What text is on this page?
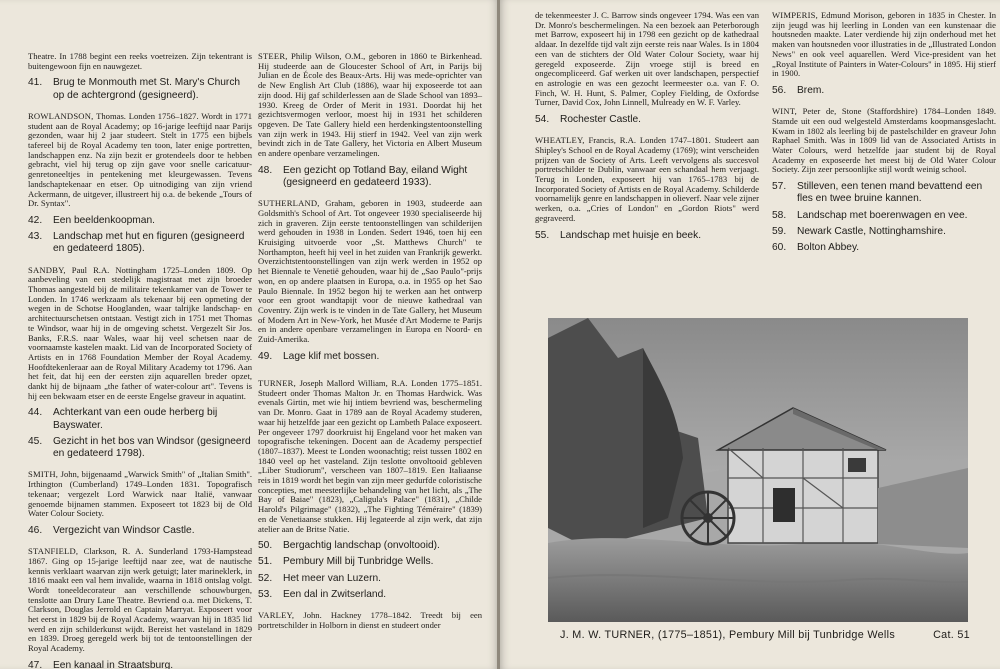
Theatre. In 1788 begint een reeks voetreizen. Zijn tekentrant is buitengewoon fijn en nauwgezet.

41. Brug te Monmouth met St. Mary's Church op de achtergrond (gesigneerd).

ROWLANDSON, Thomas. Londen 1756–1827. Wordt in 1771 student aan de Royal Academy; op 16-jarige leeftijd naar Parijs gezonden, waar hij 2 jaar studeert. Stelt in 1775 een bijbels tafereel bij de Royal Academy ten toon, later enige portretten, landschappen enz. Na zijn bezit er grotendeels door te hebben gebracht, viel hij terug op zijn gave voor snelle caricatuur-genretoneeltjes in pentekening met kleurgewassen. Tevens landschaptekenaar en etser. Op uitnodiging van zijn vriend Ackermann, de uitgever, illustreert hij o.a. de bekende „Tours of Dr. Syntax".

42. Een beeldenkoopman.

43. Landschap met hut en figuren (gesigneerd en gedateerd 1805).

SANDBY, Paul R.A. Nottingham 1725–Londen 1809. Op aanbeveling van een stedelijk magistraat met zijn broeder Thomas aangesteld bij de militaire tekenkamer van de Tower te Londen. In 1746 werkzaam als tekenaar bij een opmeting der wegen in de Schotse Hooglanden, waar talrijke landschap- en architectuurschetsen ontstaan. Vestigt zich in 1751 met Thomas te Windsor, waar hij in de omgeving schetst. Vergezelt Sir Jos. Banks, F.R.S. naar Wales, waar hij veel schetsen naar de voornaamste kastelen maakt. Lid van de Incorporated Society of Artists en in 1768 Foundation Member der Royal Academy. Hoofdtekenleraar aan de Royal Military Academy tot 1796. Aan het feit, dat hij een der eersten zijn aquarellen breder opzet, dankt hij de bijnaam „the father of water-colour art". Tevens is hij een bekwaam etser en de eerste Engelse graveur in aquatint.

44. Achterkant van een oude herberg bij Bayswater.

45. Gezicht in het bos van Windsor (gesigneerd en gedateerd 1798).

SMITH, John, bijgenaamd „Warwick Smith" of „Italian Smith". Irthington (Cumberland) 1749–Londen 1831. Topografisch tekenaar; vergezelt Lord Warwick naar Italië, vanwaar genoemde bijnamen stammen. Exposeert tot 1823 bij de Old Water Colour Society.

46. Vergezicht van Windsor Castle.

STANFIELD, Clarkson, R. A. Sunderland 1793-Hampstead 1867. Ging op 15-jarige leeftijd naar zee, wat de nautische kennis verklaart waarvan zijn werk getuigt; later marineklerk, in 1816 maakt een val hem invalide, waarna in 1818 ontslag volgt. Wordt toneeldecorateur aan verschillende schouwburgen, tenslotte aan Drury Lane Theatre. Bevriend o.a. met Dickens, T. Clarkson, Douglas Jerrold en Captain Marryat. Exposeert voor het eerst in 1829 bij de Royal Academy, waarvan hij in 1835 lid werd en zijn schilderkunst wijdt. Bereist het vasteland in 1829 en 1839. Droeg geregeld werk bij tot de tentoonstellingen der Royal Academy.

47. Een kanaal in Straatsburg.

STEER, Philip Wilson, O.M., geboren in 1860 te Birkenhead. Hij studeerde aan de Gloucester School of Art, in Parijs bij Julian en de École des Beaux-Arts. Hij was mede-oprichter van de New English Art Club (1886), waar hij exposeerde tot aan zijn dood. Hij gaf schilderlessen aan de Slade School van 1893–1930. Kreeg de Order of Merit in 1931. Doordat hij het gezichtsvermogen verloor, moest hij in 1931 het schilderen opgeven. De Tate Gallery hield een herdenkingstentoonstelling van zijn werk in 1943. Hij stierf in 1942. Veel van zijn werk bevindt zich in de Tate Gallery, het Victoria en Albert Museum en andere openbare verzamelingen.

48. Een gezicht op Totland Bay, eiland Wight (gesigneerd en gedateerd 1933).

SUTHERLAND, Graham, geboren in 1903, studeerde aan Goldsmith's School of Art. Tot ongeveer 1930 specialiseerde hij zich in graveren. Zijn eerste tentoonstellingen van schilderijen werd gehouden in 1938 in Londen. Sedert 1946, toen hij een Kruisiging uitvoerde voor „St. Matthews Church" te Northampton, heeft hij veel in het zuiden van Frankrijk gewerkt. Overzichtstentoonstellingen van zijn werk werden in 1952 op het Biennale te Venetië gehouden, waar hij de „Sao Paulo"-prijs won, en op andere plaatsen in Europa, o.a. in 1955 op het Sao Paulo Biennale. In 1952 begon hij te werken aan het ontwerp voor een groot wandtapijt voor de nieuwe kathedraal van Coventry. Zijn werk is te vinden in de Tate Gallery, het Museum of Modern Art in New-York, het Musée d'Art Moderne te Parijs en in andere openbare verzamelingen in Europa en Noord- en Zuid-Amerika.

49. Lage klif met bossen.

TURNER, Joseph Mallord William, R.A. Londen 1775–1851. Studeert onder Thomas Malton Jr. en Thomas Hardwick. Was evenals Girtin, met wie hij intiem bevriend was, beschermeling van Dr. Monro. Gaat in 1789 aan de Royal Academy studeren, waar hij hetzelfde jaar een gezicht op Lambeth Palace exposeert. Per ongeveer 1797 doorkruist hij Engeland voor het maken van topografische tekeningen. Docent aan de Academy perspectief (1807–1837). Meest te Londen woonachtig; reist tussen 1802 en 1840 veel op het vasteland. Zijn teslotte onvoltooid gebleven „Liber Studiorum", verscheen van 1807–1819. Een Italiaanse reis in 1819 wordt het begin van zijn meer gedurfde coloristische concepties, met meesterlijke behandeling van het licht, als „The Bay of Baiae" (1823), „Caligula's Palace" (1831), „Childe Harold's Pilgrimage" (1832), „The Fighting Téméraire" (1839) en de Venetiaanse stukken. Hij legateerde al zijn werk, dat zijn atelier aan de Britse Natie.

50. Bergachtig landschap (onvoltooid).

51. Pembury Mill bij Tunbridge Wells.

52. Het meer van Luzern.

53. Een dal in Zwitserland.

VARLEY, John. Hackney 1778–1842. Treedt bij een portretschilder in Holborn in dienst en studeert onder

de tekenmeester J. C. Barrow sinds ongeveer 1794. Was een van Dr. Monro's beschermelingen. Na een bezoek aan Peterborough met Barrow, exposeert hij in 1798 een gezicht op de kathedraal aldaar. In dezelfde tijd valt zijn eerste reis naar Wales. Is in 1804 een van de stichters der Old Water Colour Society, waar hij geregeld exposeerde. Zijn vroege stijl is breed en ongecompliceerd. Gaf werken uit over landschapen, perspectief en astrologie en was een gezocht leermeester o.a. van F. O. Finch, W. H. Hunt, S. Palmer, Copley Fielding, de Oxfordse Turner, David Cox, John Linnell, Mulready en W. F. Varley.

54. Rochester Castle.

WHEATLEY, Francis, R.A. Londen 1747–1801. Studeert aan Shipley's School en de Royal Academy (1769); wint verscheiden prijzen van de Society of Arts. Leeft vervolgens als succesvol portretschilder te Dublin, vanwaar een schandaal hem verjaagt. Terug in Londen, exposeert hij van 1765–1783 bij de Incorporated Society of Artists en de Royal Academy. Schilderde voornamelijk genre en landschappen in olieverf. Naar vele zijner werken, o.a. „Cries of London" en „Gordon Riots" werd gegraveerd.

55. Landschap met huisje en beek.

WIMPERIS, Edmund Morison, geboren in 1835 in Chester. In zijn jeugd was hij leerling in Londen van een kunstenaar die houtsneden maakte. Later verdiende hij zijn onderhoud met het maken van houtsneden voor illustraties in de „Illustrated London News" en ook veel aquarellen. Werd Vice-president van het „Royal Institute of Painters in Water-Colours" in 1895. Hij stierf in 1900.

56. Brem.

WINT, Peter de, Stone (Staffordshire) 1784–Londen 1849. Stamde uit een oud welgesteld Amsterdams koopmansgeslacht. Kwam in 1802 als leerling bij de pastelschilder en graveur John Raphael Smith. Was in 1809 lid van de Associated Artists in Water Colours, werd hetzelfde jaar student bij de Royal Academy en exposeerde het meest bij de Old Water Colour Society. Zijn zeer persoonlijke stijl wordt weinig school.

57. Stilleven, een tenen mand bevattend een fles en twee bruine kannen.

58. Landschap met boerenwagen en vee.

59. Newark Castle, Nottinghamshire.

60. Bolton Abbey.

J. M. W. TURNER, (1775–1851), Pembury Mill bij Tunbridge Wells	Cat. 51
